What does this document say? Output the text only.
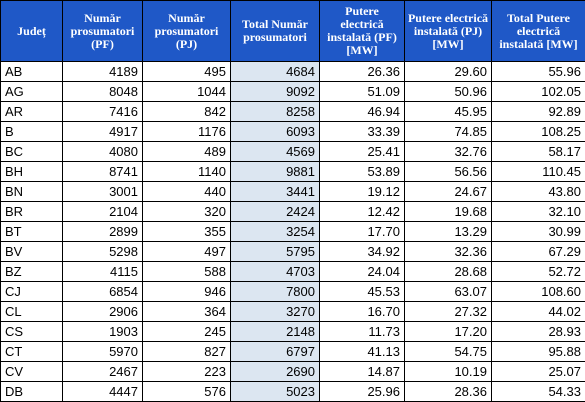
Județ	Număr prosumatori (PF)	Număr prosumatori (PJ)	Total Număr prosumatori	Putere electrică instalată (PF) [MW]	Putere electrică instalată (PJ) [MW]	Total Putere electrică instalată [MW]
AB	4189	495	4684	26.36	29.60	55.96
AG	8048	1044	9092	51.09	50.96	102.05
AR	7416	842	8258	46.94	45.95	92.89
B	4917	1176	6093	33.39	74.85	108.25
BC	4080	489	4569	25.41	32.76	58.17
BH	8741	1140	9881	53.89	56.56	110.45
BN	3001	440	3441	19.12	24.67	43.80
BR	2104	320	2424	12.42	19.68	32.10
BT	2899	355	3254	17.70	13.29	30.99
BV	5298	497	5795	34.92	32.36	67.29
BZ	4115	588	4703	24.04	28.68	52.72
CJ	6854	946	7800	45.53	63.07	108.60
CL	2906	364	3270	16.70	27.32	44.02
CS	1903	245	2148	11.73	17.20	28.93
CT	5970	827	6797	41.13	54.75	95.88
CV	2467	223	2690	14.87	10.19	25.07
DB	4447	576	5023	25.96	28.36	54.33
